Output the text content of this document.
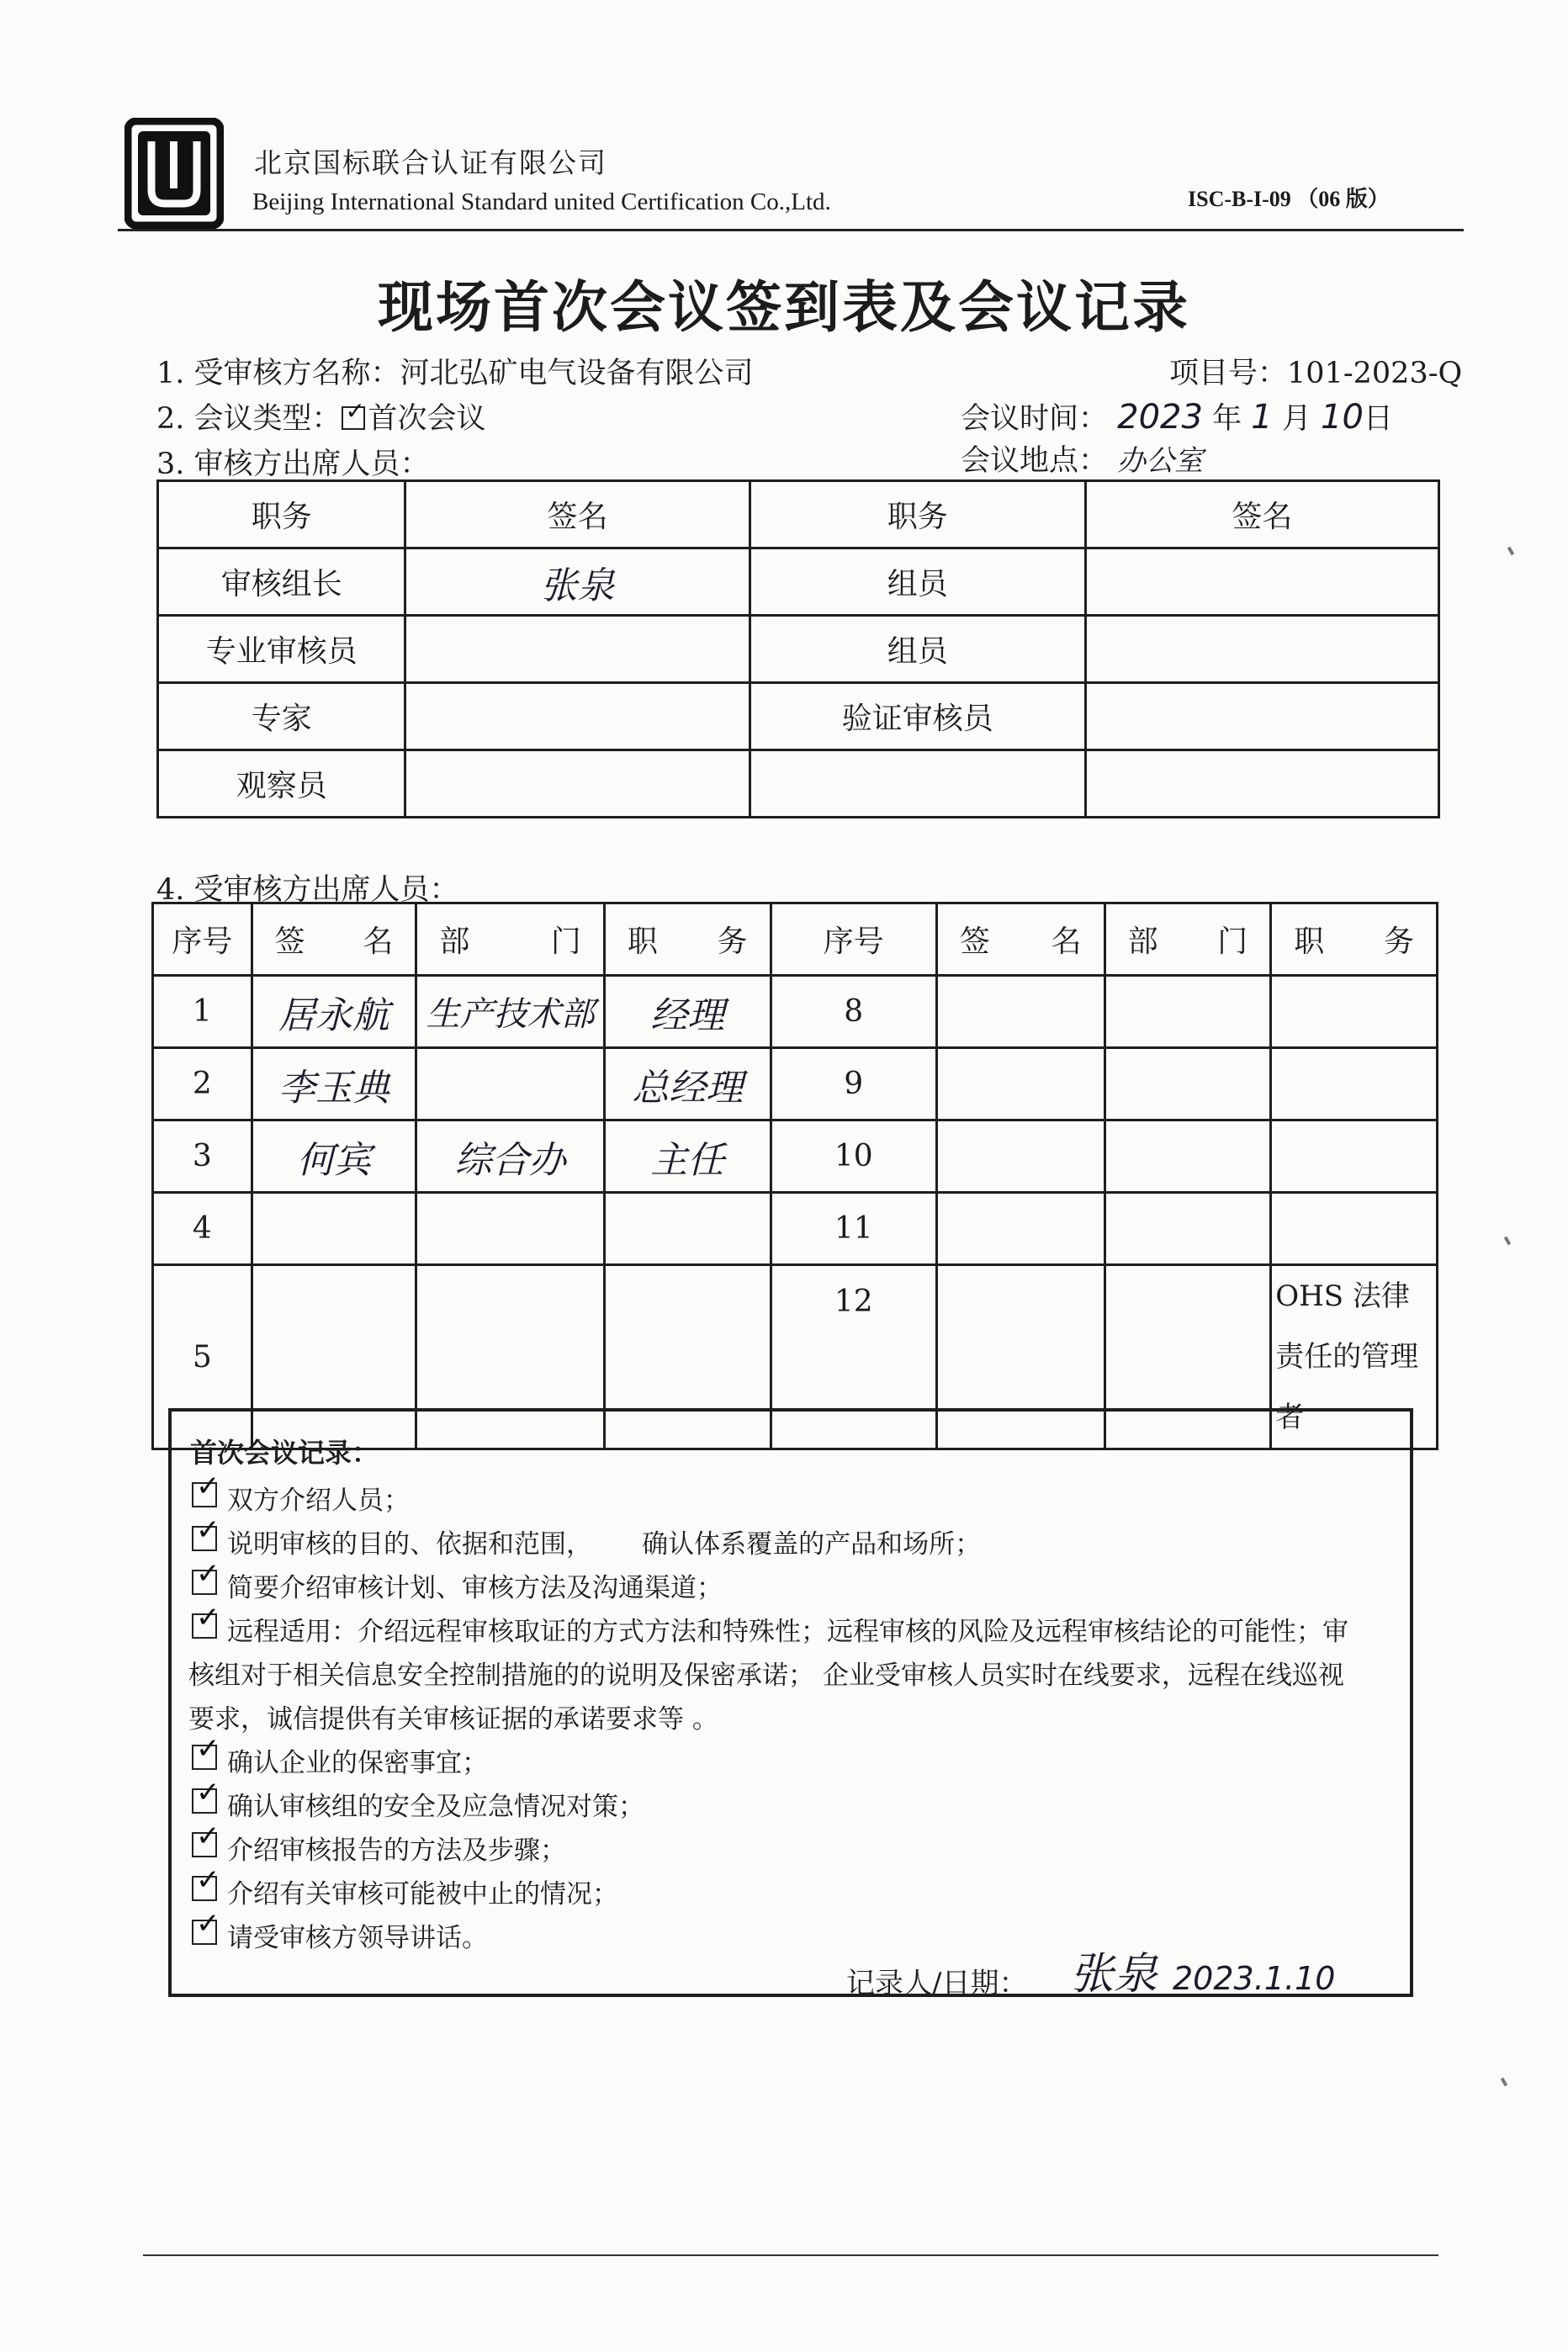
北京国标联合认证有限公司
Beijing International Standard united Certification Co.,Ltd.	ISC-B-I-09 （06 版）
现场首次会议签到表及会议记录
1. 受审核方名称：河北弘矿电气设备有限公司	项目号：101-2023-Q
2. 会议类型： ✓ 首次会议	会议时间： 2023 年 1 月 10日
3. 审核方出席人员：	会议地点： 办公室
职务	签名	职务	签名
审核组长	张泉	组员	
专业审核员		组员	
专家		验证审核员	
观察员			
4. 受审核方出席人员：
序号	签 名	部 门	职 务	序号	签 名	部 门	职 务

1	居永航	生产技术部	经理	8			
2	李玉典		总经理	9			
3	何宾	综合办	主任	10			
4				11			
5				12			OHS 法律责任的管理者
首次会议记录：
✓ 双方介绍人员；
✓ 说明审核的目的、依据和范围，      确认体系覆盖的产品和场所；
✓ 简要介绍审核计划、审核方法及沟通渠道；
✓ 远程适用：介绍远程审核取证的方式方法和特殊性；远程审核的风险及远程审核结论的可能性；审
核组对于相关信息安全控制措施的的说明及保密承诺； 企业受审核人员实时在线要求，远程在线巡视
要求，诚信提供有关审核证据的承诺要求等 。
✓ 确认企业的保密事宜；
✓ 确认审核组的安全及应急情况对策；
✓ 介绍审核报告的方法及步骤；
✓ 介绍有关审核可能被中止的情况；
✓ 请受审核方领导讲话。
记录人/日期： 张泉 2023.1.10
